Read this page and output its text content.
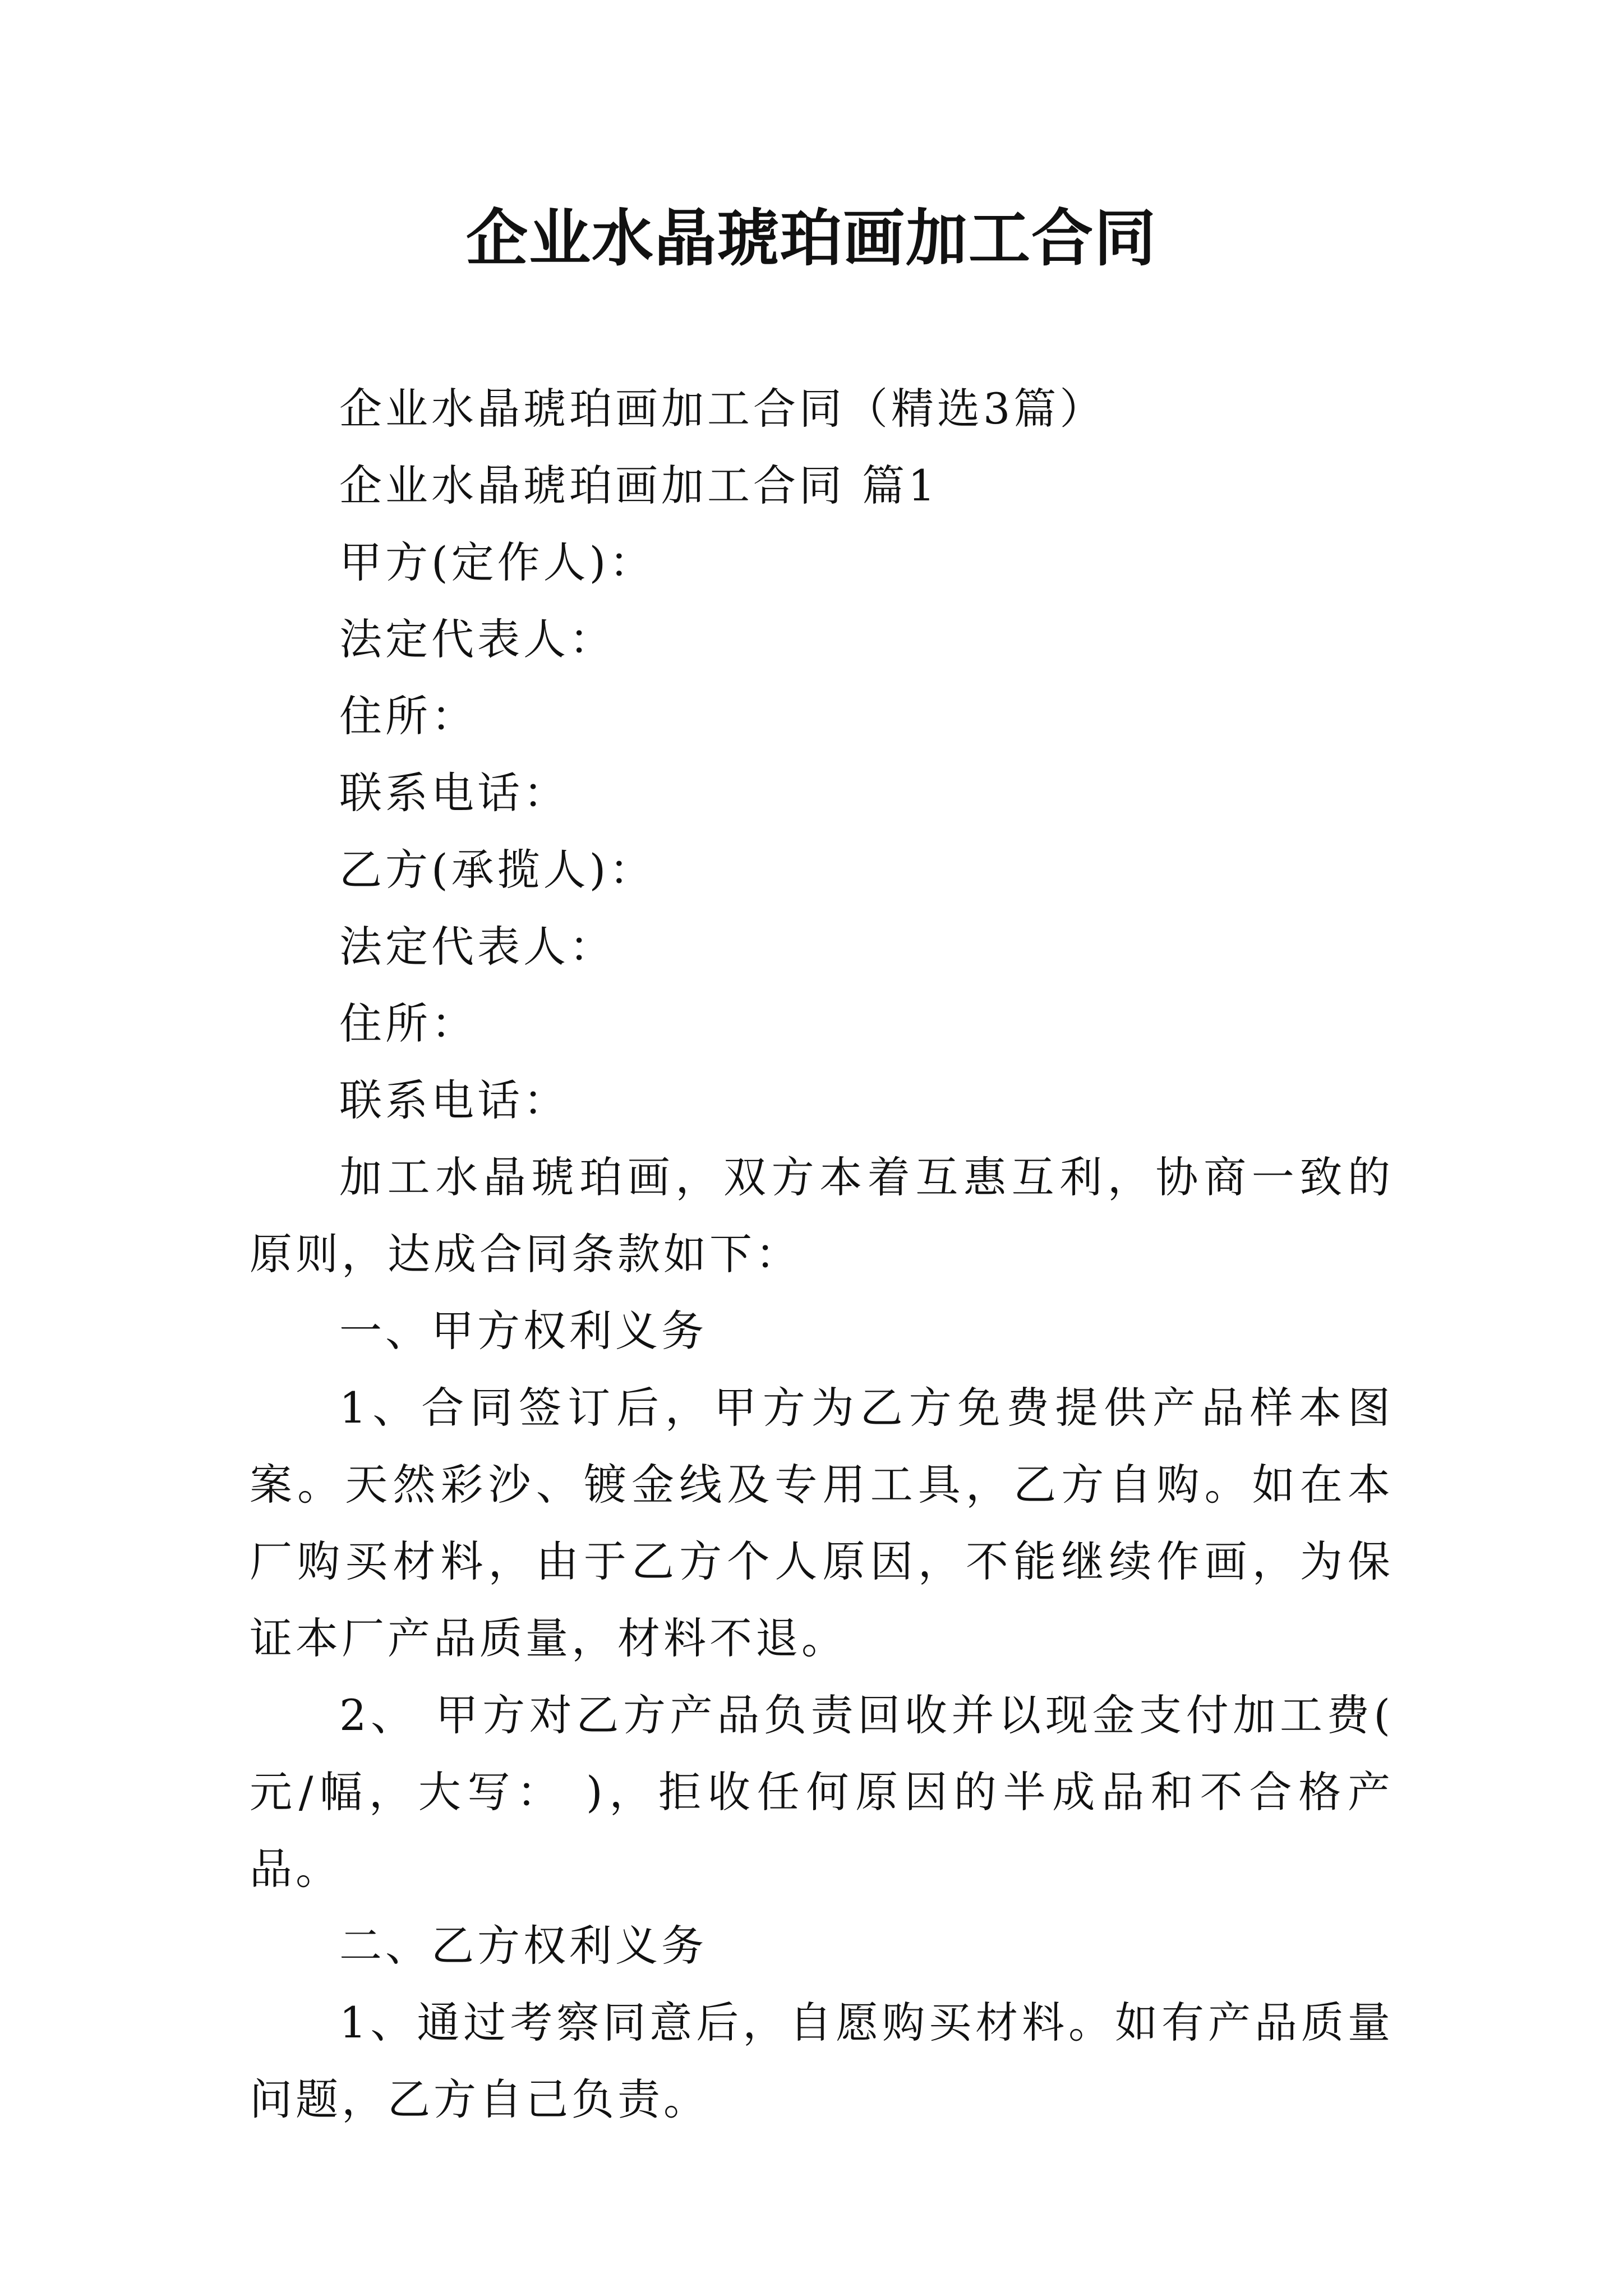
企业水晶琥珀画加工合同

企业水晶琥珀画加工合同（精选3篇）

企业水晶琥珀画加工合同 篇1

甲方(定作人)：

法定代表人：

住所：

联系电话：

乙方(承揽人)：

法定代表人：

住所：

联系电话：

加工水晶琥珀画，双方本着互惠互利，协商一致的原则，达成合同条款如下：

一、甲方权利义务

1、合同签订后，甲方为乙方免费提供产品样本图案。天然彩沙、镀金线及专用工具，乙方自购。如在本厂购买材料，由于乙方个人原因，不能继续作画，为保证本厂产品质量，材料不退。

2、 甲方对乙方产品负责回收并以现金支付加工费( 元/幅，大写： )，拒收任何原因的半成品和不合格产品。

二、乙方权利义务

1、通过考察同意后，自愿购买材料。如有产品质量问题，乙方自己负责。
